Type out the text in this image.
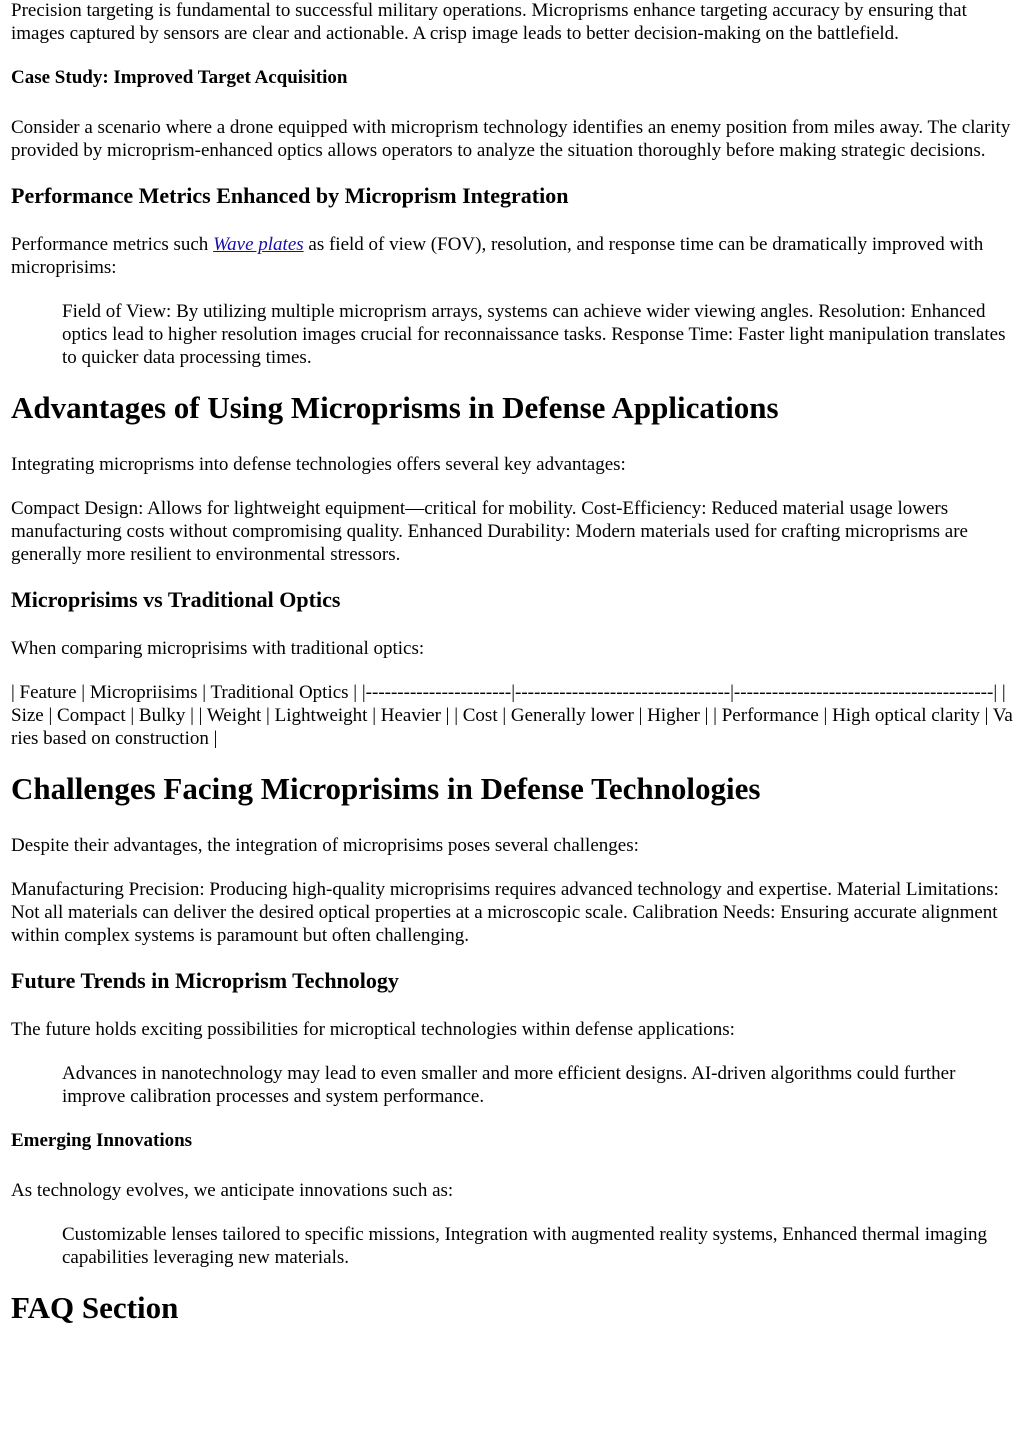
Precision targeting is fundamental to successful military operations. Microprisms enhance targeting accuracy by ensuring that images captured by sensors are clear and actionable. A crisp image leads to better decision-making on the battlefield.

Case Study: Improved Target Acquisition

Consider a scenario where a drone equipped with microprism technology identifies an enemy position from miles away. The clarity provided by microprism-enhanced optics allows operators to analyze the situation thoroughly before making strategic decisions.

Performance Metrics Enhanced by Microprism Integration

Performance metrics such Wave plates as field of view (FOV), resolution, and response time can be dramatically improved with microprisims:

Field of View: By utilizing multiple microprism arrays, systems can achieve wider viewing angles. Resolution: Enhanced optics lead to higher resolution images crucial for reconnaissance tasks. Response Time: Faster light manipulation translates to quicker data processing times.
Advantages of Using Microprisms in Defense Applications

Integrating microprisms into defense technologies offers several key advantages:

Compact Design: Allows for lightweight equipment—critical for mobility. Cost-Efficiency: Reduced material usage lowers manufacturing costs without compromising quality. Enhanced Durability: Modern materials used for crafting microprisms are generally more resilient to environmental stressors.

Microprisims vs Traditional Optics

When comparing microprisims with traditional optics:

| Feature | Micropriisims | Traditional Optics | |-----------------------|----------------------------------|-----------------------------------------| | Size | Compact | Bulky | | Weight | Lightweight | Heavier | | Cost | Generally lower | Higher | | Performance | High optical clarity | Varies based on construction |

Challenges Facing Microprisims in Defense Technologies

Despite their advantages, the integration of microprisims poses several challenges:

Manufacturing Precision: Producing high-quality microprisims requires advanced technology and expertise. Material Limitations: Not all materials can deliver the desired optical properties at a microscopic scale. Calibration Needs: Ensuring accurate alignment within complex systems is paramount but often challenging.

Future Trends in Microprism Technology

The future holds exciting possibilities for microptical technologies within defense applications:

Advances in nanotechnology may lead to even smaller and more efficient designs. AI-driven algorithms could further improve calibration processes and system performance.
Emerging Innovations

As technology evolves, we anticipate innovations such as:

Customizable lenses tailored to specific missions, Integration with augmented reality systems, Enhanced thermal imaging capabilities leveraging new materials.
FAQ Section
